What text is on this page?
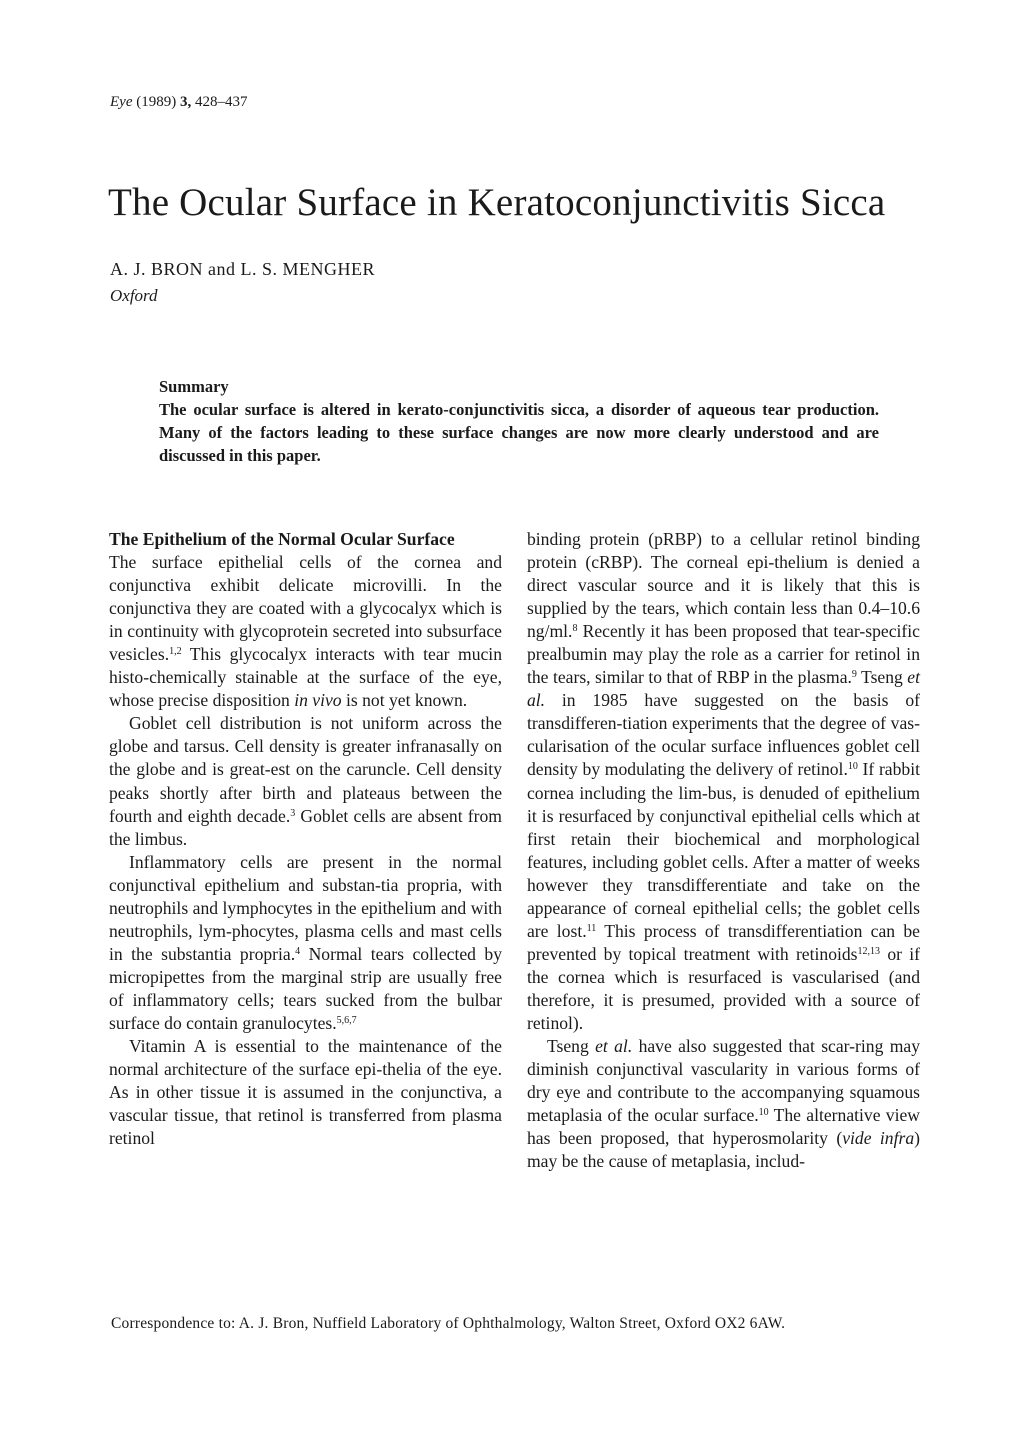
Eye (1989) 3, 428–437
The Ocular Surface in Keratoconjunctivitis Sicca
A. J. BRON and L. S. MENGHER
Oxford

Summary

The ocular surface is altered in kerato-conjunctivitis sicca, a disorder of aqueous tear production. Many of the factors leading to these surface changes are now more clearly understood and are discussed in this paper.

The Epithelium of the Normal Ocular Surface

The surface epithelial cells of the cornea and conjunctiva exhibit delicate microvilli. In the conjunctiva they are coated with a glycocalyx which is in continuity with glycoprotein secreted into subsurface vesicles.$^{1,2}$ This glycocalyx interacts with tear mucin histo-chemically stainable at the surface of the eye, whose precise disposition in vivo is not yet known.

Goblet cell distribution is not uniform across the globe and tarsus. Cell density is greater infranasally on the globe and is great-est on the caruncle. Cell density peaks shortly after birth and plateaus between the fourth and eighth decade.$^3$ Goblet cells are absent from the limbus.

Inflammatory cells are present in the normal conjunctival epithelium and substan-tia propria, with neutrophils and lymphocytes in the epithelium and with neutrophils, lym-phocytes, plasma cells and mast cells in the substantia propria.$^4$ Normal tears collected by micropipettes from the marginal strip are usually free of inflammatory cells; tears sucked from the bulbar surface do contain granulocytes.$^{5,6,7}$

Vitamin A is essential to the maintenance of the normal architecture of the surface epi-thelia of the eye. As in other tissue it is assumed in the conjunctiva, a vascular tissue, that retinol is transferred from plasma retinol

binding protein (pRBP) to a cellular retinol binding protein (cRBP). The corneal epi-thelium is denied a direct vascular source and it is likely that this is supplied by the tears, which contain less than 0.4–10.6 ng/ml.$^8$ Recently it has been proposed that tear-specific prealbumin may play the role as a carrier for retinol in the tears, similar to that of RBP in the plasma.$^9$ Tseng et al. in 1985 have suggested on the basis of transdifferen-tiation experiments that the degree of vas-cularisation of the ocular surface influences goblet cell density by modulating the delivery of retinol.$^{10}$ If rabbit cornea including the lim-bus, is denuded of epithelium it is resurfaced by conjunctival epithelial cells which at first retain their biochemical and morphological features, including goblet cells. After a matter of weeks however they transdifferentiate and take on the appearance of corneal epithelial cells; the goblet cells are lost.$^{11}$ This process of transdifferentiation can be prevented by topical treatment with retinoids$^{12,13}$ or if the cornea which is resurfaced is vascularised (and therefore, it is presumed, provided with a source of retinol).

Tseng et al. have also suggested that scar-ring may diminish conjunctival vascularity in various forms of dry eye and contribute to the accompanying squamous metaplasia of the ocular surface.$^{10}$ The alternative view has been proposed, that hyperosmolarity (vide infra) may be the cause of metaplasia, includ-

Correspondence to: A. J. Bron, Nuffield Laboratory of Ophthalmology, Walton Street, Oxford OX2 6AW.
